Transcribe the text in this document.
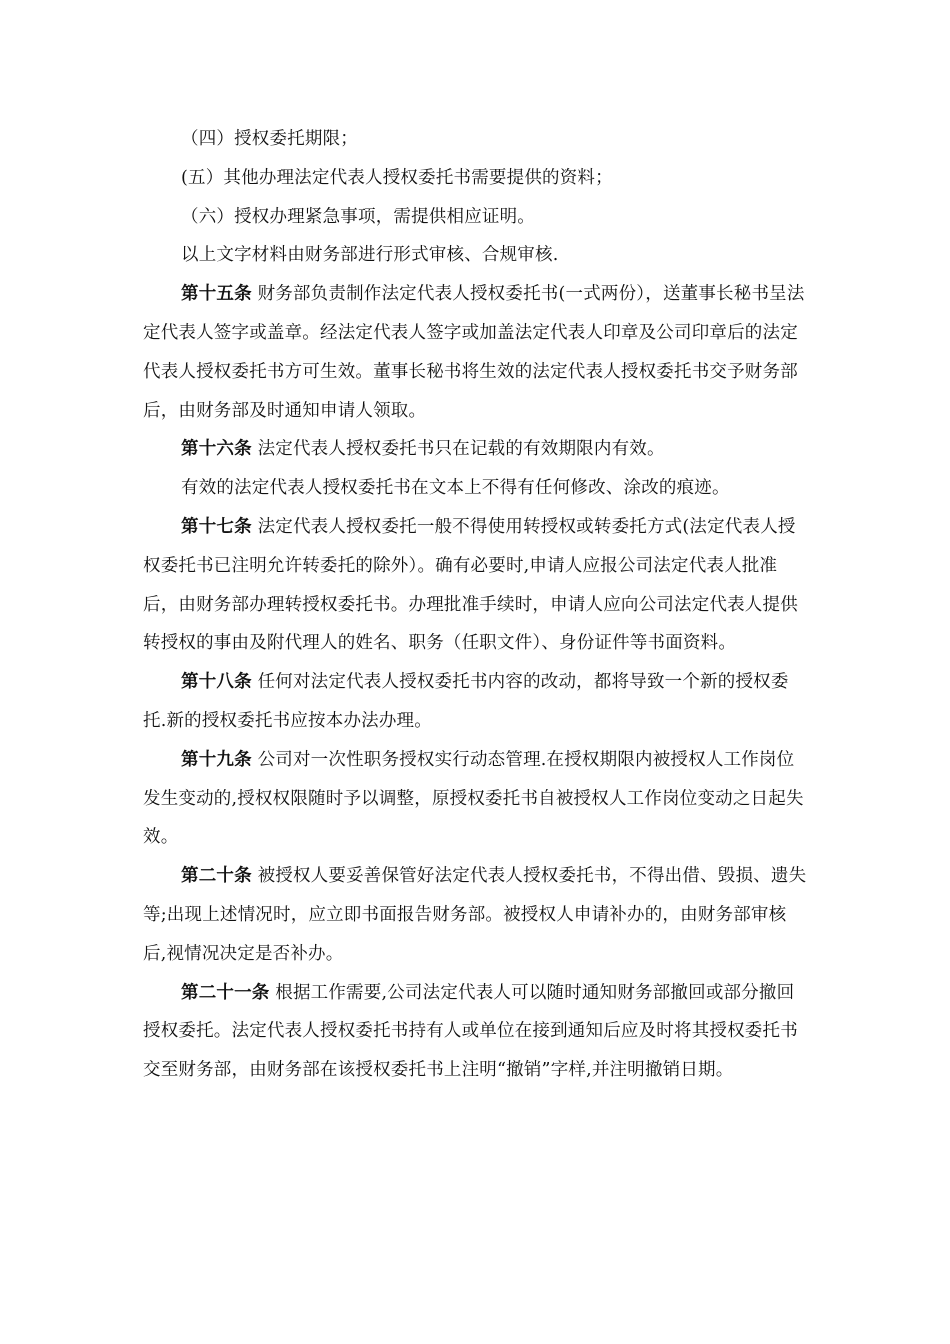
（四）授权委托期限；

(五）其他办理法定代表人授权委托书需要提供的资料；

（六）授权办理紧急事项，需提供相应证明。

以上文字材料由财务部进行形式审核、合规审核.

第十五条 财务部负责制作法定代表人授权委托书(一式两份），送董事长秘书呈法定代表人签字或盖章。经法定代表人签字或加盖法定代表人印章及公司印章后的法定代表人授权委托书方可生效。董事长秘书将生效的法定代表人授权委托书交予财务部后，由财务部及时通知申请人领取。

第十六条 法定代表人授权委托书只在记载的有效期限内有效。

有效的法定代表人授权委托书在文本上不得有任何修改、涂改的痕迹。

第十七条 法定代表人授权委托一般不得使用转授权或转委托方式(法定代表人授权委托书已注明允许转委托的除外）。确有必要时,申请人应报公司法定代表人批准后，由财务部办理转授权委托书。办理批准手续时，申请人应向公司法定代表人提供转授权的事由及附代理人的姓名、职务（任职文件）、身份证件等书面资料。

第十八条 任何对法定代表人授权委托书内容的改动，都将导致一个新的授权委托.新的授权委托书应按本办法办理。

第十九条 公司对一次性职务授权实行动态管理.在授权期限内被授权人工作岗位发生变动的,授权权限随时予以调整，原授权委托书自被授权人工作岗位变动之日起失效。

第二十条 被授权人要妥善保管好法定代表人授权委托书，不得出借、毁损、遗失等;出现上述情况时，应立即书面报告财务部。被授权人申请补办的，由财务部审核后,视情况决定是否补办。

第二十一条 根据工作需要,公司法定代表人可以随时通知财务部撤回或部分撤回授权委托。法定代表人授权委托书持有人或单位在接到通知后应及时将其授权委托书交至财务部，由财务部在该授权委托书上注明“撤销”字样,并注明撤销日期。
